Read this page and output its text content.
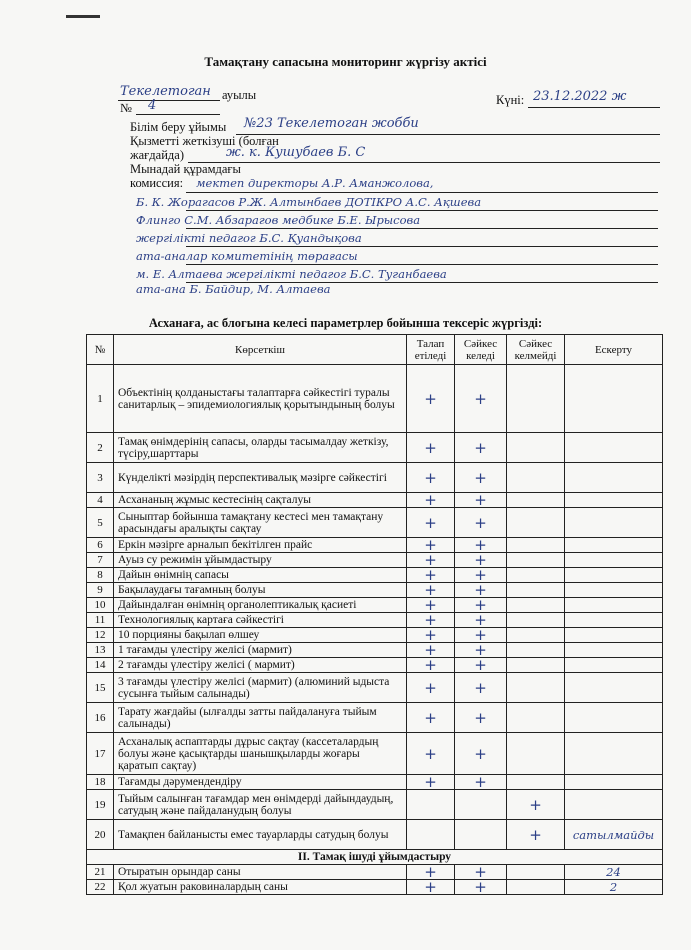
Тамақтану сапасына мониторинг жүргізу актісі
Текелетоган ауылы
№ 4	Күні: 23.12.2022 ж
Білім беру ұйымы №23 Текелетоган жобби
Қызметті жеткізуші (болған
жағдайда)	ж. к. Кушубаев Б. С
Мынадай құрамдағы
комиссия: мектеп директоры А.Р. Аманжолова,
Б. К. Жорагасов Р.Ж. Алтынбаев ДОТІКРО А.С. Ақшева
Флинго С.М. Абзарагов медбике Б.Е. Ырысова
жергілікті педагог Б.С. Қуандықова
ата-аналар комитетінің төрағасы
м. Е. Алтаева жергілікті педагог Б.С. Туганбаева
ата-ана Б. Байдир, М. Алтаева
Асханаға, ас блогына келесі параметрлер бойынша тексеріс жүргізді:
№	Көрсеткіш	Талап етіледі	Сәйкес келеді	Сәйкес келмейді	Ескерту
1	Объектінің қолданыстағы талаптарға сәйкестігі туралы санитарлық – эпидемиологиялық қорытындының болуы	+	+		
2	Тамақ өнімдерінің сапасы, оларды тасымалдау жеткізу, түсіру,шарттары	+	+		
3	Күнделікті мәзірдің перспективалық мәзірге сәйкестігі	+	+		
4	Асхананың жұмыс кестесінің сақталуы	+	+		
5	Сыныптар бойынша тамақтану кестесі мен тамақтану арасындағы аралықты сақтау	+	+		
6	Еркін мәзірге арналып бекітілген прайс	+	+		
7	Ауыз су режимін ұйымдастыру	+	+		
8	Дайын өнімнің сапасы	+	+		
9	Бақылаудағы тағамның болуы	+	+		
10	Дайындалған өнімнің органолептикалық қасиеті	+	+		
11	Технологиялық картаға сәйкестігі	+	+		
12	10 порцияны бақылап өлшеу	+	+		
13	1 тағамды үлестіру желісі (мармит)	+	+		
14	2 тағамды үлестіру желісі ( мармит)	+	+		
15	3 тағамды үлестіру желісі (мармит) (алюминий ыдыста сусынға тыйым салынады)	+	+		
16	Тарату жағдайы (ылғалды затты пайдалануға тыйым салынады)	+	+		
17	Асханалық аспаптарды дұрыс сақтау (кассеталардың болуы және қасықтарды шанышқыларды жоғары қаратып сақтау)	+	+		
18	Тағамды дәрумендендіру	+	+		
19	Тыйым салынған тағамдар мен өнімдерді дайындаудың, сатудың және пайдаланудың болуы			+	
20	Тамақпен байланысты емес тауарларды сатудың болуы			+	сатылмайды
ІІ. Тамақ ішуді ұйымдастыру					
21	Отыратын орындар саны	+	+		24
22	Қол жуатын раковиналардың саны	+	+		2
